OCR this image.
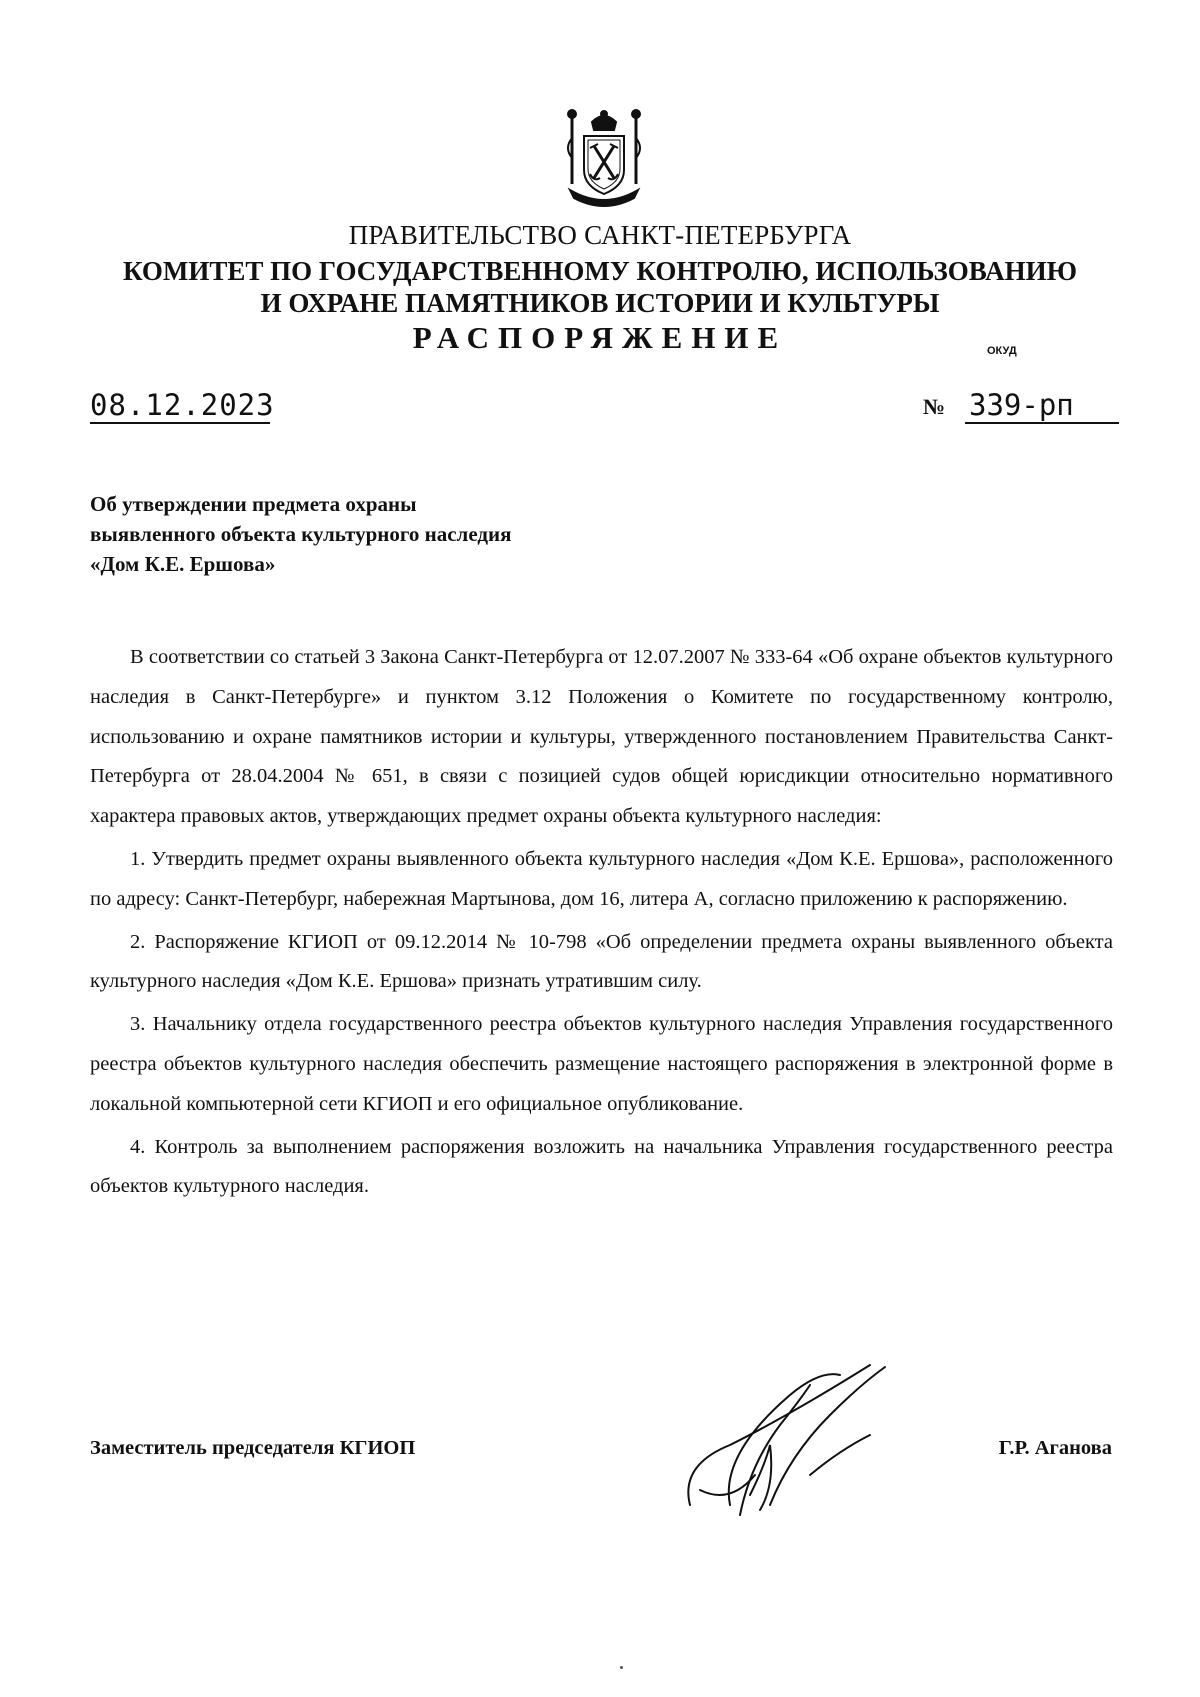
ПРАВИТЕЛЬСТВО САНКТ-ПЕТЕРБУРГА
КОМИТЕТ ПО ГОСУДАРСТВЕННОМУ КОНТРОЛЮ, ИСПОЛЬЗОВАНИЮ
И ОХРАНЕ ПАМЯТНИКОВ ИСТОРИИ И КУЛЬТУРЫ
РАСПОРЯЖЕНИЕ	ОКУД
08.12.2023	№ 339-рп
Об утверждении предмета охраны
выявленного объекта культурного наследия
«Дом К.Е. Ершова»

В соответствии со статьей 3 Закона Санкт-Петербурга от 12.07.2007 № 333-64 «Об охране объектов культурного наследия в Санкт-Петербурге» и пунктом 3.12 Положения о Комитете по государственному контролю, использованию и охране памятников истории и культуры, утвержденного постановлением Правительства Санкт-Петербурга от 28.04.2004 № 651, в связи с позицией судов общей юрисдикции относительно нормативного характера правовых актов, утверждающих предмет охраны объекта культурного наследия:

1. Утвердить предмет охраны выявленного объекта культурного наследия «Дом К.Е. Ершова», расположенного по адресу: Санкт-Петербург, набережная Мартынова, дом 16, литера А, согласно приложению к распоряжению.

2. Распоряжение КГИОП от 09.12.2014 № 10-798 «Об определении предмета охраны выявленного объекта культурного наследия «Дом К.Е. Ершова» признать утратившим силу.

3. Начальнику отдела государственного реестра объектов культурного наследия Управления государственного реестра объектов культурного наследия обеспечить размещение настоящего распоряжения в электронной форме в локальной компьютерной сети КГИОП и его официальное опубликование.

4. Контроль за выполнением распоряжения возложить на начальника Управления государственного реестра объектов культурного наследия.

Заместитель председателя КГИОП	Г.Р. Аганова
